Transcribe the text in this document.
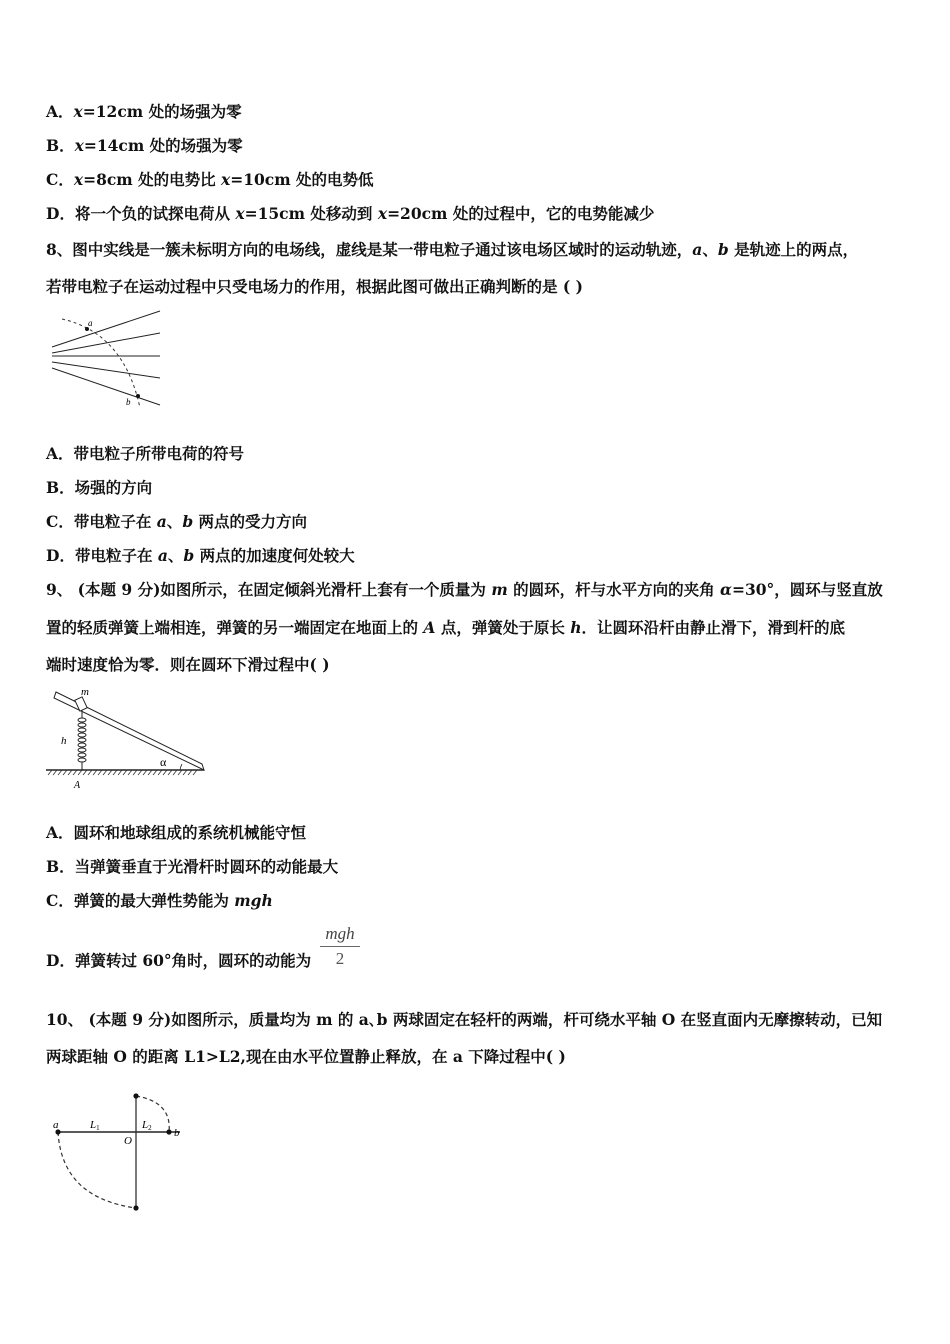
A．x=12cm 处的场强为零
B．x=14cm 处的场强为零
C．x=8cm 处的电势比 x=10cm 处的电势低
D．将一个负的试探电荷从 x=15cm 处移动到 x=20cm 处的过程中，它的电势能减少
8、图中实线是一簇未标明方向的电场线，虚线是某一带电粒子通过该电场区域时的运动轨迹，a、b 是轨迹上的两点，
若带电粒子在运动过程中只受电场力的作用，根据此图可做出正确判断的是 ( )
a
b
A．带电粒子所带电荷的符号
B．场强的方向
C．带电粒子在 a、b 两点的受力方向
D．带电粒子在 a、b 两点的加速度何处较大
9、 (本题 9 分)如图所示，在固定倾斜光滑杆上套有一个质量为 m 的圆环，杆与水平方向的夹角 α=30°，圆环与竖直放
置的轻质弹簧上端相连，弹簧的另一端固定在地面上的 A 点，弹簧处于原长 h．让圆环沿杆由静止滑下，滑到杆的底
端时速度恰为零．则在圆环下滑过程中( )
m
h
α
A
A．圆环和地球组成的系统机械能守恒
B．当弹簧垂直于光滑杆时圆环的动能最大
C．弹簧的最大弹性势能为 mgh
D．弹簧转过 60°角时，圆环的动能为
mgh
2
10、 (本题 9 分)如图所示，质量均为 m 的 a､b 两球固定在轻杆的两端，杆可绕水平轴 O 在竖直面内无摩擦转动，已知
两球距轴 O 的距离 L1>L2,现在由水平位置静止释放，在 a 下降过程中( )
a
b
O
L1	L2
